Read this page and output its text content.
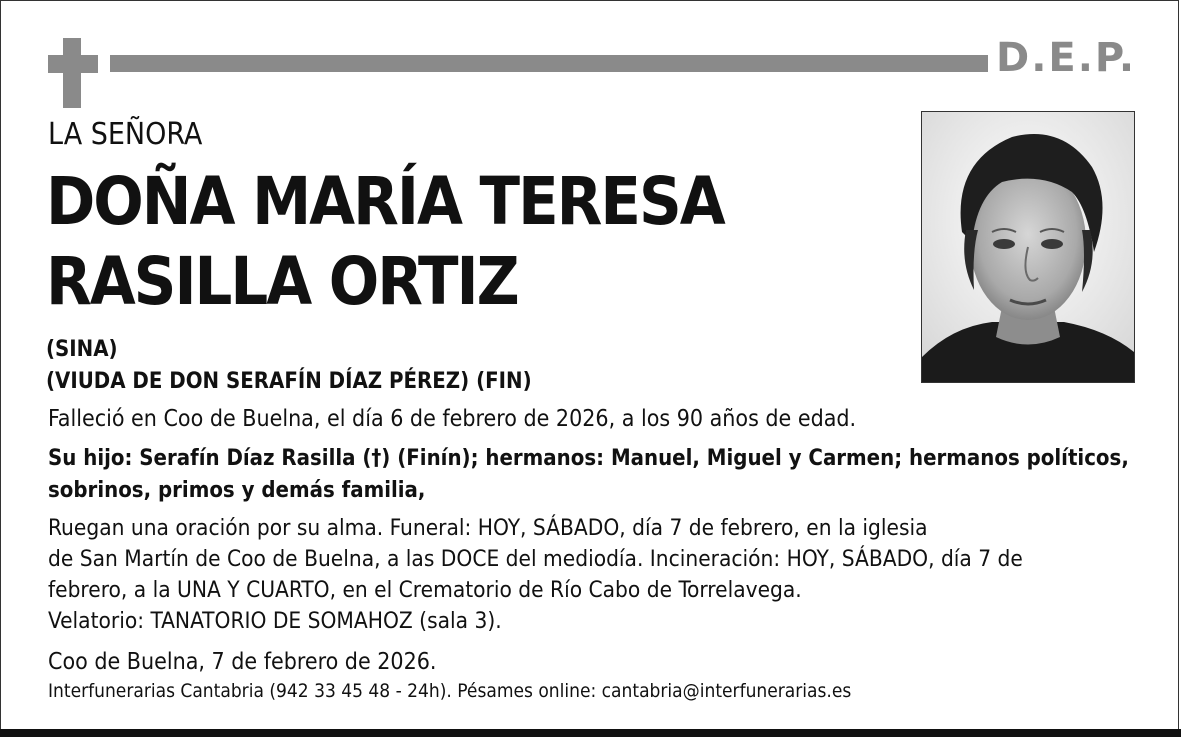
D.E.P.
LA SEÑORA
DOÑA MARÍA TERESA
RASILLA ORTIZ
(SINA)
(VIUDA DE DON SERAFÍN DÍAZ PÉREZ) (FIN)
Falleció en Coo de Buelna, el día 6 de febrero de 2026, a los 90 años de edad.
Su hijo: Serafín Díaz Rasilla (†) (Finín); hermanos: Manuel, Miguel y Carmen; hermanos políticos,
sobrinos, primos y demás familia,
Ruegan una oración por su alma. Funeral: HOY, SÁBADO, día 7 de febrero, en la iglesia
de San Martín de Coo de Buelna, a las DOCE del mediodía. Incineración: HOY, SÁBADO, día 7 de
febrero, a la UNA Y CUARTO, en el Crematorio de Río Cabo de Torrelavega.
Velatorio: TANATORIO DE SOMAHOZ (sala 3).
Coo de Buelna, 7 de febrero de 2026.
Interfunerarias Cantabria (942 33 45 48 - 24h). Pésames online: cantabria@interfunerarias.es
